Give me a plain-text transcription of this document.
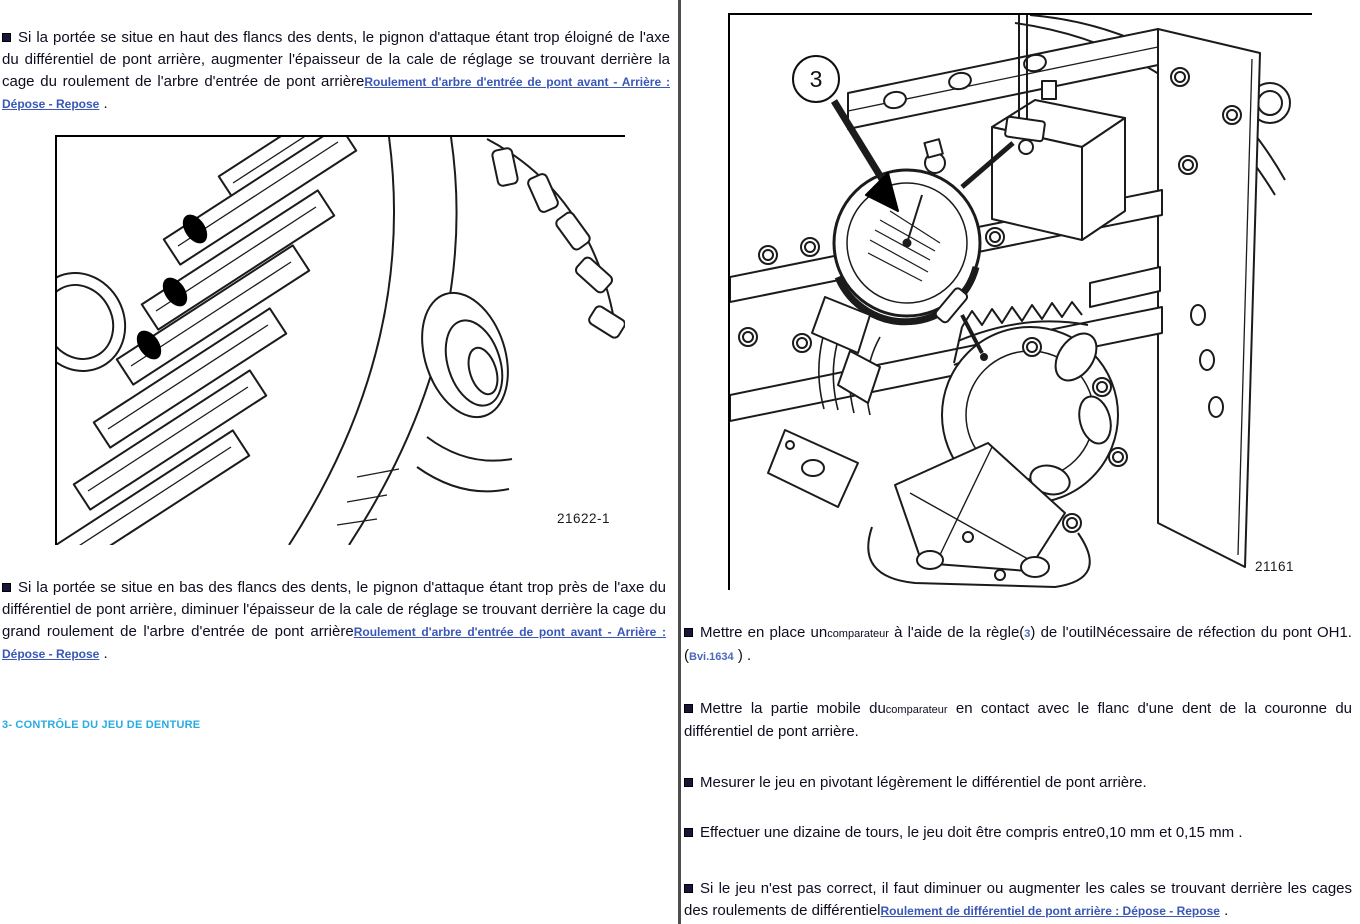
Si la portée se situe en haut des flancs des dents, le pignon d'attaque étant trop éloigné de l'axe du différentiel de pont arrière, augmenter l'épaisseur de la cale de réglage se trouvant derrière la cage du roulement de l'arbre d'entrée de pont arrièreRoulement d'arbre d'entrée de pont avant - Arrière : Dépose - Repose .
21622-1
Si la portée se situe en bas des flancs des dents, le pignon d'attaque étant trop près de l'axe du différentiel de pont arrière, diminuer l'épaisseur de la cale de réglage se trouvant derrière la cage du grand roulement de l'arbre d'entrée de pont arrièreRoulement d'arbre d'entrée de pont avant - Arrière : Dépose - Repose .
3- CONTRÔLE DU JEU DE DENTURE
3
21161
Mettre en place uncomparateur à l'aide de la règle(3) de l'outilNécessaire de réfection du pont OH1.
(Bvi.1634 ) .
Mettre la partie mobile ducomparateur en contact avec le flanc d'une dent de la couronne du différentiel de pont arrière.
Mesurer le jeu en pivotant légèrement le différentiel de pont arrière.
Effectuer une dizaine de tours, le jeu doit être compris entre0,10 mm et 0,15 mm .
Si le jeu n'est pas correct, il faut diminuer ou augmenter les cales se trouvant derrière les cages des roulements de différentielRoulement de différentiel de pont arrière : Dépose - Repose .
